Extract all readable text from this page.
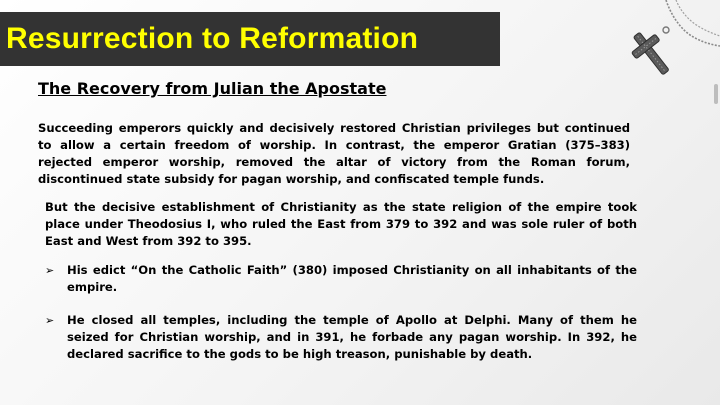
Resurrection to Reformation
The Recovery from Julian the Apostate

Succeeding emperors quickly and decisively restored Christian privileges but continued to allow a certain freedom of worship. In contrast, the emperor Gratian (375–383) rejected emperor worship, removed the altar of victory from the Roman forum, discontinued state subsidy for pagan worship, and confiscated temple funds.

But the decisive establishment of Christianity as the state religion of the empire took place under Theodosius I, who ruled the East from 379 to 392 and was sole ruler of both East and West from 392 to 395.

➢	His edict “On the Catholic Faith” (380) imposed Christianity on all inhabitants of the empire.

➢	He closed all temples, including the temple of Apollo at Delphi. Many of them he seized for Christian worship, and in 391, he forbade any pagan worship. In 392, he declared sacrifice to the gods to be high treason, punishable by death.
